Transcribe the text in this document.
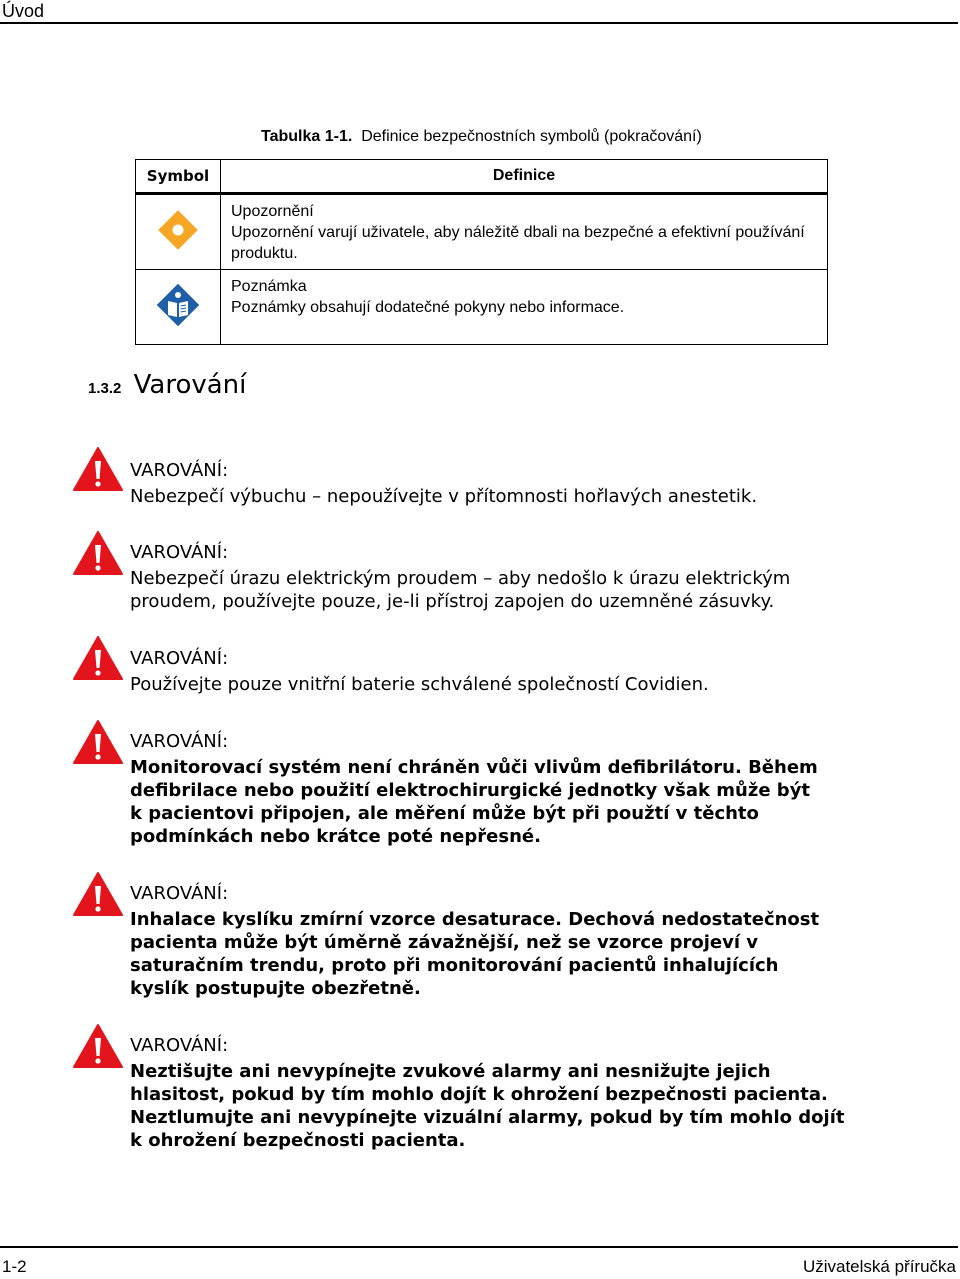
Úvod
Tabulka 1-1. Definice bezpečnostních symbolů (pokračování)
Symbol	Definice

Upozornění
Upozornění varují uživatele, aby náležitě dbali na bezpečné a efektivní používání produktu.

Poznámka
Poznámky obsahují dodatečné pokyny nebo informace.
1.3.2 Varování
VAROVÁNÍ:
Nebezpečí výbuchu – nepoužívejte v přítomnosti hořlavých anestetik.
VAROVÁNÍ:
Nebezpečí úrazu elektrickým proudem – aby nedošlo k úrazu elektrickým proudem, používejte pouze, je-li přístroj zapojen do uzemněné zásuvky.
VAROVÁNÍ:
Používejte pouze vnitřní baterie schválené společností Covidien.
VAROVÁNÍ:
Monitorovací systém není chráněn vůči vlivům defibrilátoru. Během defibrilace nebo použití elektrochirurgické jednotky však může být k pacientovi připojen, ale měření může být při použtí v těchto podmínkách nebo krátce poté nepřesné.
VAROVÁNÍ:
Inhalace kyslíku zmírní vzorce desaturace. Dechová nedostatečnost pacienta může být úměrně závažnější, než se vzorce projeví v saturačním trendu, proto při monitorování pacientů inhalujících kyslík postupujte obezřetně.
VAROVÁNÍ:
Neztišujte ani nevypínejte zvukové alarmy ani nesnižujte jejich hlasitost, pokud by tím mohlo dojít k ohrožení bezpečnosti pacienta. Neztlumujte ani nevypínejte vizuální alarmy, pokud by tím mohlo dojít k ohrožení bezpečnosti pacienta.
1-2	Uživatelská příručka
